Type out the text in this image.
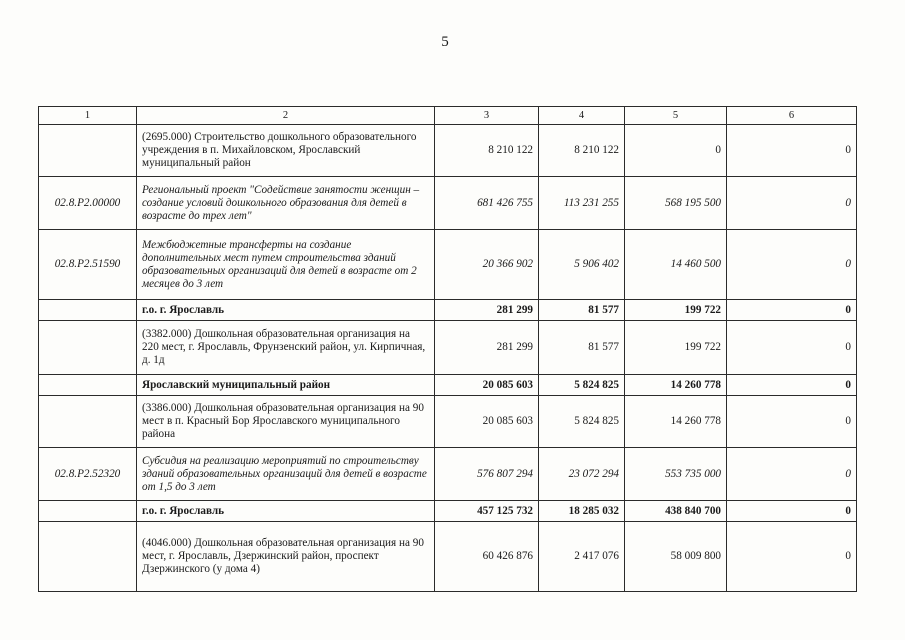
5
1	2	3	4	5	6
	(2695.000) Строительство дошкольного образовательного учреждения в п. Михайловском, Ярославский муниципальный район	8 210 122	8 210 122	0	0
02.8.Р2.00000	Региональный проект "Содействие занятости женщин – создание условий дошкольного образования для детей в возрасте до трех лет"	681 426 755	113 231 255	568 195 500	0
02.8.Р2.51590	Межбюджетные трансферты на создание дополнительных мест путем строительства зданий образовательных организаций для детей в возрасте от 2 месяцев до 3 лет	20 366 902	5 906 402	14 460 500	0
	г.о. г. Ярославль	281 299	81 577	199 722	0
	(3382.000) Дошкольная образовательная организация на 220 мест, г. Ярославль, Фрунзенский район, ул. Кирпичная, д. 1д	281 299	81 577	199 722	0
	Ярославский муниципальный район	20 085 603	5 824 825	14 260 778	0
	(3386.000) Дошкольная образовательная организация на 90 мест в п. Красный Бор Ярославского муниципального района	20 085 603	5 824 825	14 260 778	0
02.8.Р2.52320	Субсидия на реализацию мероприятий по строительству зданий образовательных организаций для детей в возрасте от 1,5 до 3 лет	576 807 294	23 072 294	553 735 000	0
	г.о. г. Ярославль	457 125 732	18 285 032	438 840 700	0
	(4046.000) Дошкольная образовательная организация на 90 мест, г. Ярославль, Дзержинский район, проспект Дзержинского (у дома 4)	60 426 876	2 417 076	58 009 800	0
